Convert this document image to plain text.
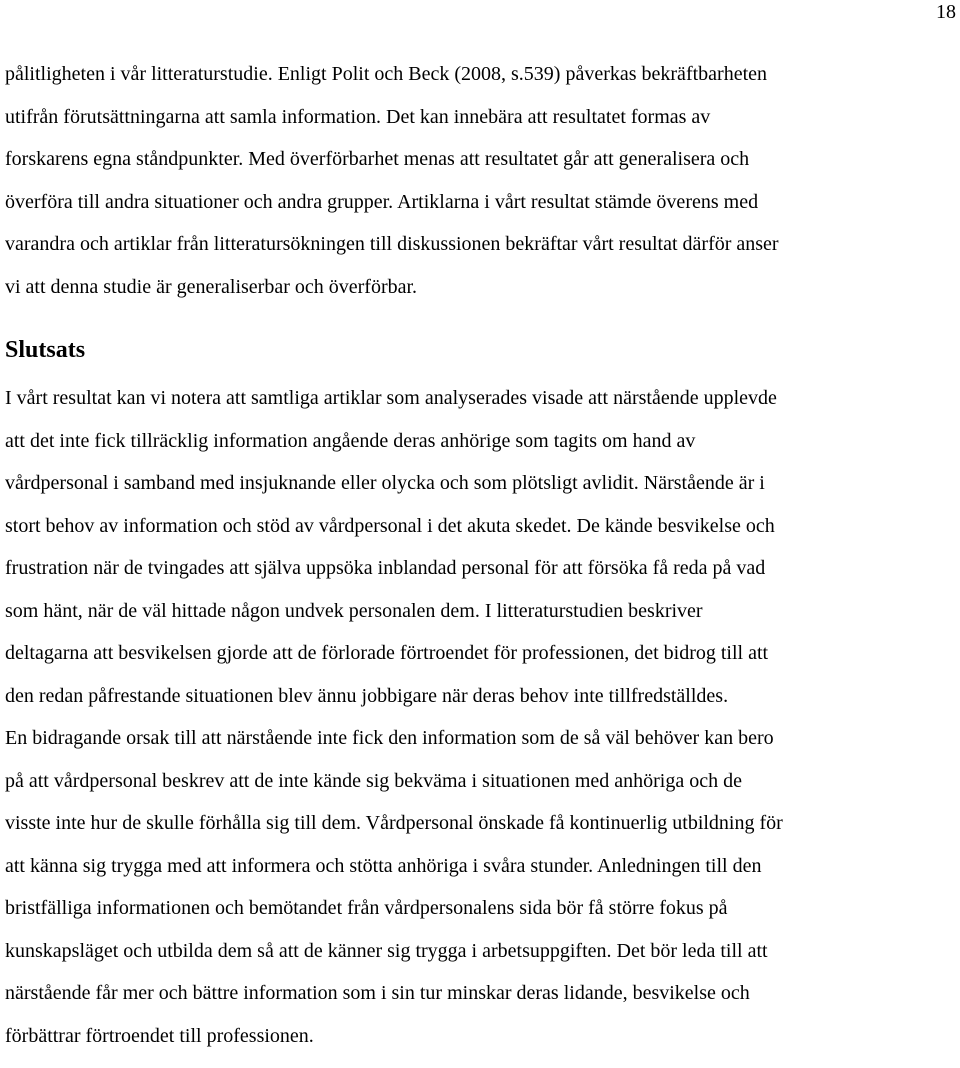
18

pålitligheten i vår litteraturstudie. Enligt Polit och Beck (2008, s.539) påverkas bekräftbarheten
utifrån förutsättningarna att samla information. Det kan innebära att resultatet formas av
forskarens egna ståndpunkter. Med överförbarhet menas att resultatet går att generalisera och
överföra till andra situationer och andra grupper. Artiklarna i vårt resultat stämde överens med
varandra och artiklar från litteratursökningen till diskussionen bekräftar vårt resultat därför anser
vi att denna studie är generaliserbar och överförbar.

Slutsats

I vårt resultat kan vi notera att samtliga artiklar som analyserades visade att närstående upplevde
att det inte fick tillräcklig information angående deras anhörige som tagits om hand av
vårdpersonal i samband med insjuknande eller olycka och som plötsligt avlidit. Närstående är i
stort behov av information och stöd av vårdpersonal i det akuta skedet. De kände besvikelse och
frustration när de tvingades att själva uppsöka inblandad personal för att försöka få reda på vad
som hänt, när de väl hittade någon undvek personalen dem. I litteraturstudien beskriver
deltagarna att besvikelsen gjorde att de förlorade förtroendet för professionen, det bidrog till att
den redan påfrestande situationen blev ännu jobbigare när deras behov inte tillfredställdes.
En bidragande orsak till att närstående inte fick den information som de så väl behöver kan bero
på att vårdpersonal beskrev att de inte kände sig bekväma i situationen med anhöriga och de
visste inte hur de skulle förhålla sig till dem. Vårdpersonal önskade få kontinuerlig utbildning för
att känna sig trygga med att informera och stötta anhöriga i svåra stunder. Anledningen till den
bristfälliga informationen och bemötandet från vårdpersonalens sida bör få större fokus på
kunskapsläget och utbilda dem så att de känner sig trygga i arbetsuppgiften. Det bör leda till att
närstående får mer och bättre information som i sin tur minskar deras lidande, besvikelse och
förbättrar förtroendet till professionen.
